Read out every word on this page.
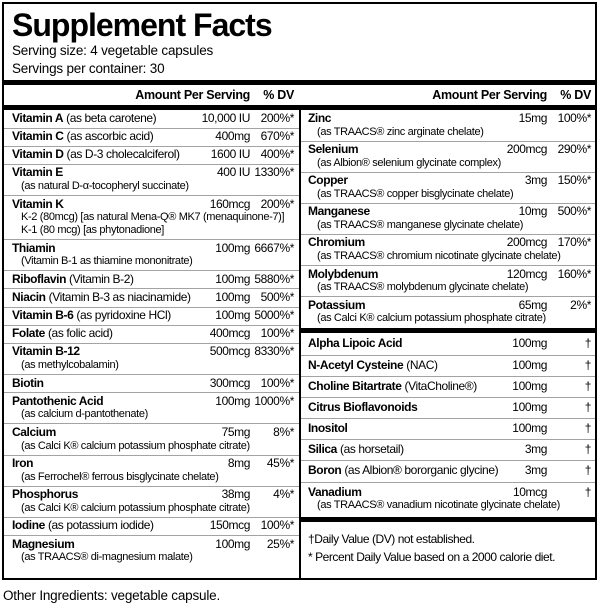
Supplement Facts
Serving size: 4 vegetable capsules
Servings per container: 30
Amount Per Serving	% DV	Amount Per Serving	% DV
Vitamin A (as beta carotene)	10,000 IU 200%*
Vitamin C (as ascorbic acid)	400mg 670%*
Vitamin D (as D-3 cholecalciferol)	1600 IU 400%*
Vitamin E	400 IU 1330%*
(as natural D-α-tocopheryl succinate)
Vitamin K	160mcg 200%*
K-2 (80mcg) [as natural Mena-Q® MK7 (menaquinone-7)]
K-1 (80 mcg) [as phytonadione]
Thiamin	100mg 6667%*
(Vitamin B-1 as thiamine mononitrate)
Riboflavin (Vitamin B-2)	100mg 5880%*
Niacin (Vitamin B-3 as niacinamide)	100mg 500%*
Vitamin B-6 (as pyridoxine HCl)	100mg 5000%*
Folate (as folic acid)	400mcg 100%*
Vitamin B-12	500mcg 8330%*
(as methylcobalamin)
Biotin	300mcg 100%*
Pantothenic Acid	100mg 1000%*
(as calcium d-pantothenate)
Calcium	75mg	8%*
(as Calci K® calcium potassium phosphate citrate)
Iron	8mg	45%*
(as Ferrochel® ferrous bisglycinate chelate)
Phosphorus	38mg	4%*
(as Calci K® calcium potassium phosphate citrate)
Iodine (as potassium iodide)	150mcg 100%*
Magnesium	100mg	25%*
(as TRAACS® di-magnesium malate)
Zinc	15mg 100%*
(as TRAACS® zinc arginate chelate)
Selenium	200mcg 290%*
(as Albion® selenium glycinate complex)
Copper	3mg 150%*
(as TRAACS® copper bisglycinate chelate)
Manganese	10mg 500%*
(as TRAACS® manganese glycinate chelate)
Chromium	200mcg 170%*
(as TRAACS® chromium nicotinate glycinate chelate)
Molybdenum	120mcg 160%*
(as TRAACS® molybdenum glycinate chelate)
Potassium	65mg	2%*
(as Calci K® calcium potassium phosphate citrate)
Alpha Lipoic Acid	100mg	†
N-Acetyl Cysteine (NAC)	100mg	†
Choline Bitartrate (VitaCholine®)	100mg	†
Citrus Bioflavonoids	100mg	†
Inositol	100mg	†
Silica (as horsetail)	3mg	†
Boron (as Albion® bororganic glycine)	3mg	†
Vanadium	10mcg	†
(as TRAACS® vanadium nicotinate glycinate chelate)
†Daily Value (DV) not established.
* Percent Daily Value based on a 2000 calorie diet.
Other Ingredients: vegetable capsule.
